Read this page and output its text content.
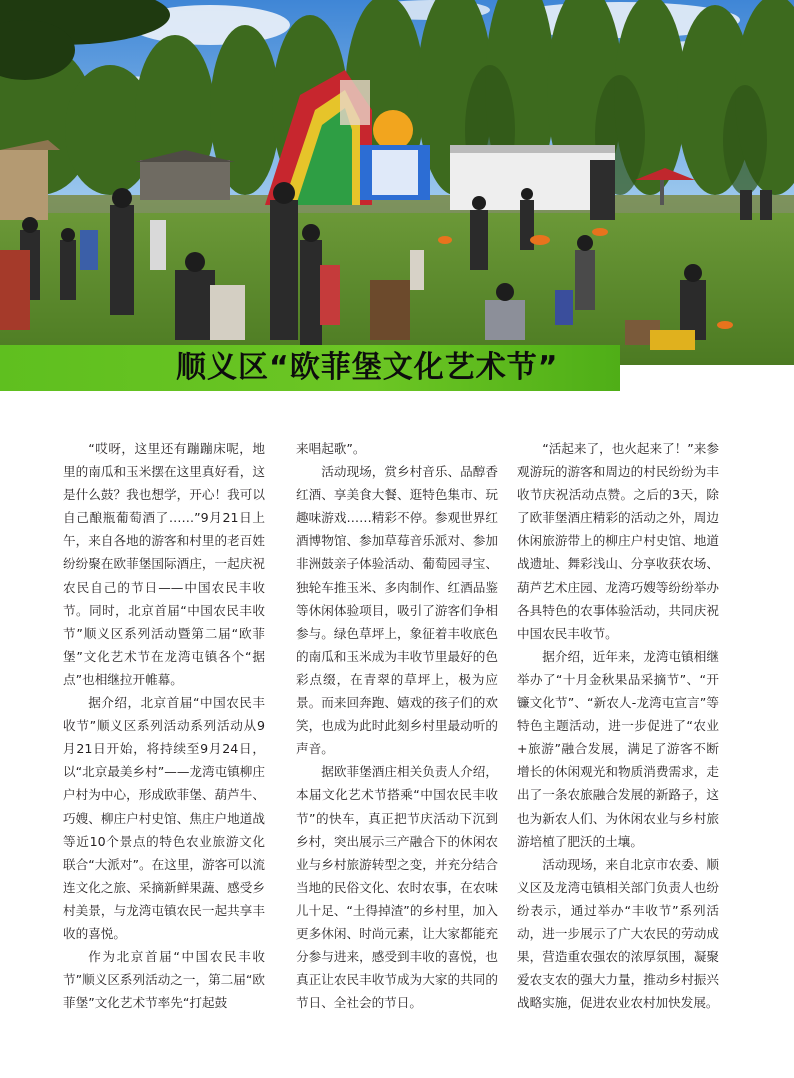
顺义区“欧菲堡文化艺术节”

“哎呀，这里还有蹦蹦床呢，地里的南瓜和玉米摆在这里真好看，这是什么鼓？我也想学，开心！我可以自己酿瓶葡萄酒了……”9月21日上午，来自各地的游客和村里的老百姓纷纷聚在欧菲堡国际酒庄，一起庆祝农民自己的节日——中国农民丰收节。同时，北京首届“中国农民丰收节”顺义区系列活动暨第二届“欧菲堡”文化艺术节在龙湾屯镇各个“据点”也相继拉开帷幕。

据介绍，北京首届“中国农民丰收节”顺义区系列活动系列活动从9月21日开始，将持续至9月24日，以“北京最美乡村”——龙湾屯镇柳庄户村为中心，形成欧菲堡、葫芦牛、巧嫂、柳庄户村史馆、焦庄户地道战等近10个景点的特色农业旅游文化联合“大派对”。在这里，游客可以流连文化之旅、采摘新鲜果蔬、感受乡村美景，与龙湾屯镇农民一起共享丰收的喜悦。

作为北京首届“中国农民丰收节”顺义区系列活动之一，第二届“欧菲堡”文化艺术节率先“打起鼓

来唱起歌”。

活动现场，赏乡村音乐、品醇香红酒、享美食大餐、逛特色集市、玩趣味游戏……精彩不停。参观世界红酒博物馆、参加草莓音乐派对、参加非洲鼓亲子体验活动、葡萄园寻宝、独轮车推玉米、多肉制作、红酒品鉴等休闲体验项目，吸引了游客们争相参与。绿色草坪上，象征着丰收底色的南瓜和玉米成为丰收节里最好的色彩点缀，在青翠的草坪上，极为应景。而来回奔跑、嬉戏的孩子们的欢笑，也成为此时此刻乡村里最动听的声音。

据欧菲堡酒庄相关负责人介绍，本届文化艺术节搭乘“中国农民丰收节”的快车，真正把节庆活动下沉到乡村，突出展示三产融合下的休闲农业与乡村旅游转型之变，并充分结合当地的民俗文化、农时农事，在农味儿十足、“土得掉渣”的乡村里，加入更多休闲、时尚元素，让大家都能充分参与进来，感受到丰收的喜悦，也真正让农民丰收节成为大家的共同的节日、全社会的节日。

“活起来了，也火起来了！”来参观游玩的游客和周边的村民纷纷为丰收节庆祝活动点赞。之后的3天，除了欧菲堡酒庄精彩的活动之外，周边休闲旅游带上的柳庄户村史馆、地道战遗址、舞彩浅山、分享收获农场、葫芦艺术庄园、龙湾巧嫂等纷纷举办各具特色的农事体验活动，共同庆祝中国农民丰收节。

据介绍，近年来，龙湾屯镇相继举办了“十月金秋果品采摘节”、“开镰文化节”、“新农人-龙湾屯宣言”等特色主题活动，进一步促进了“农业+旅游”融合发展，满足了游客不断增长的休闲观光和物质消费需求，走出了一条农旅融合发展的新路子，这也为新农人们、为休闲农业与乡村旅游培植了肥沃的土壤。

活动现场，来自北京市农委、顺义区及龙湾屯镇相关部门负责人也纷纷表示，通过举办“丰收节”系列活动，进一步展示了广大农民的劳动成果，营造重农强农的浓厚氛围，凝聚爱农支农的强大力量，推动乡村振兴战略实施，促进农业农村加快发展。
